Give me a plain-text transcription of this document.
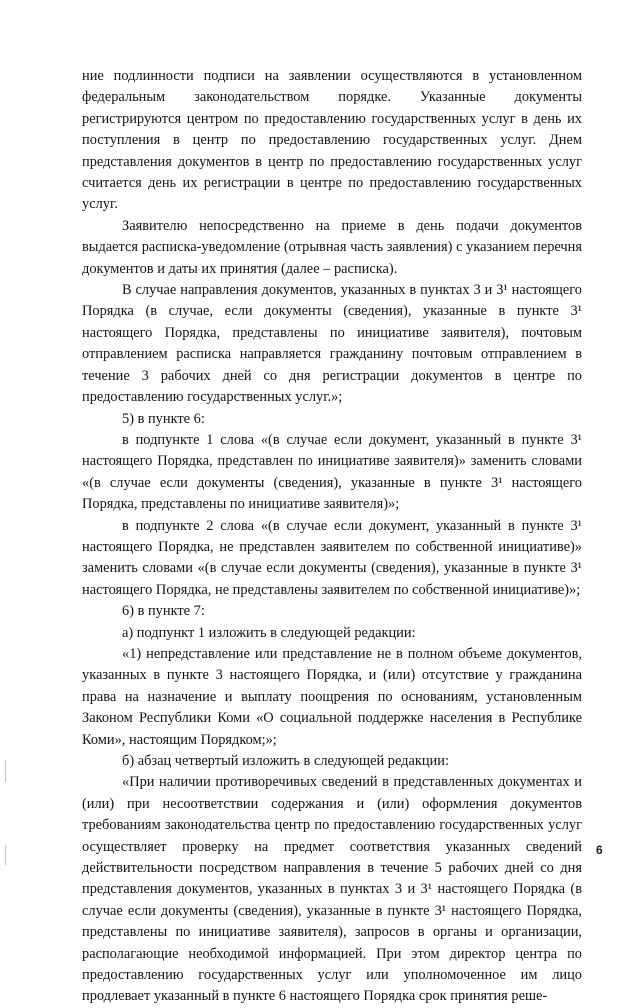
ние подлинности подписи на заявлении осуществляются в установленном федеральным законодательством порядке. Указанные документы регистрируются центром по предоставлению государственных услуг в день их поступления в центр по предоставлению государственных услуг. Днем представления документов в центр по предоставлению государственных услуг считается день их регистрации в центре по предоставлению государственных услуг.

Заявителю непосредственно на приеме в день подачи документов выдается расписка-уведомление (отрывная часть заявления) с указанием перечня документов и даты их принятия (далее – расписка).

В случае направления документов, указанных в пунктах 3 и 3¹ настоящего Порядка (в случае, если документы (сведения), указанные в пункте 3¹ настоящего Порядка, представлены по инициативе заявителя), почтовым отправлением расписка направляется гражданину почтовым отправлением в течение 3 рабочих дней со дня регистрации документов в центре по предоставлению государственных услуг.»;

5) в пункте 6:

в подпункте 1 слова «(в случае если документ, указанный в пункте 3¹ настоящего Порядка, представлен по инициативе заявителя)» заменить словами «(в случае если документы (сведения), указанные в пункте 3¹ настоящего Порядка, представлены по инициативе заявителя)»;

в подпункте 2 слова «(в случае если документ, указанный в пункте 3¹ настоящего Порядка, не представлен заявителем по собственной инициативе)» заменить словами «(в случае если документы (сведения), указанные в пункте 3¹ настоящего Порядка, не представлены заявителем по собственной инициативе)»;

6) в пункте 7:

а) подпункт 1 изложить в следующей редакции:

«1) непредставление или представление не в полном объеме документов, указанных в пункте 3 настоящего Порядка, и (или) отсутствие у гражданина права на назначение и выплату поощрения по основаниям, установленным Законом Республики Коми «О социальной поддержке населения в Республике Коми», настоящим Порядком;»;

б) абзац четвертый изложить в следующей редакции:

«При наличии противоречивых сведений в представленных документах и (или) при несоответствии содержания и (или) оформления документов требованиям законодательства центр по предоставлению государственных услуг осуществляет проверку на предмет соответствия указанных сведений действительности посредством направления в течение 5 рабочих дней со дня представления документов, указанных в пунктах 3 и 3¹ настоящего Порядка (в случае если документы (сведения), указанные в пункте 3¹ настоящего Порядка, представлены по инициативе заявителя), запросов в органы и организации, располагающие необходимой информацией. При этом директор центра по предоставлению государственных услуг или уполномоченное им лицо продлевает указанный в пункте 6 настоящего Порядка срок принятия реше-

6
